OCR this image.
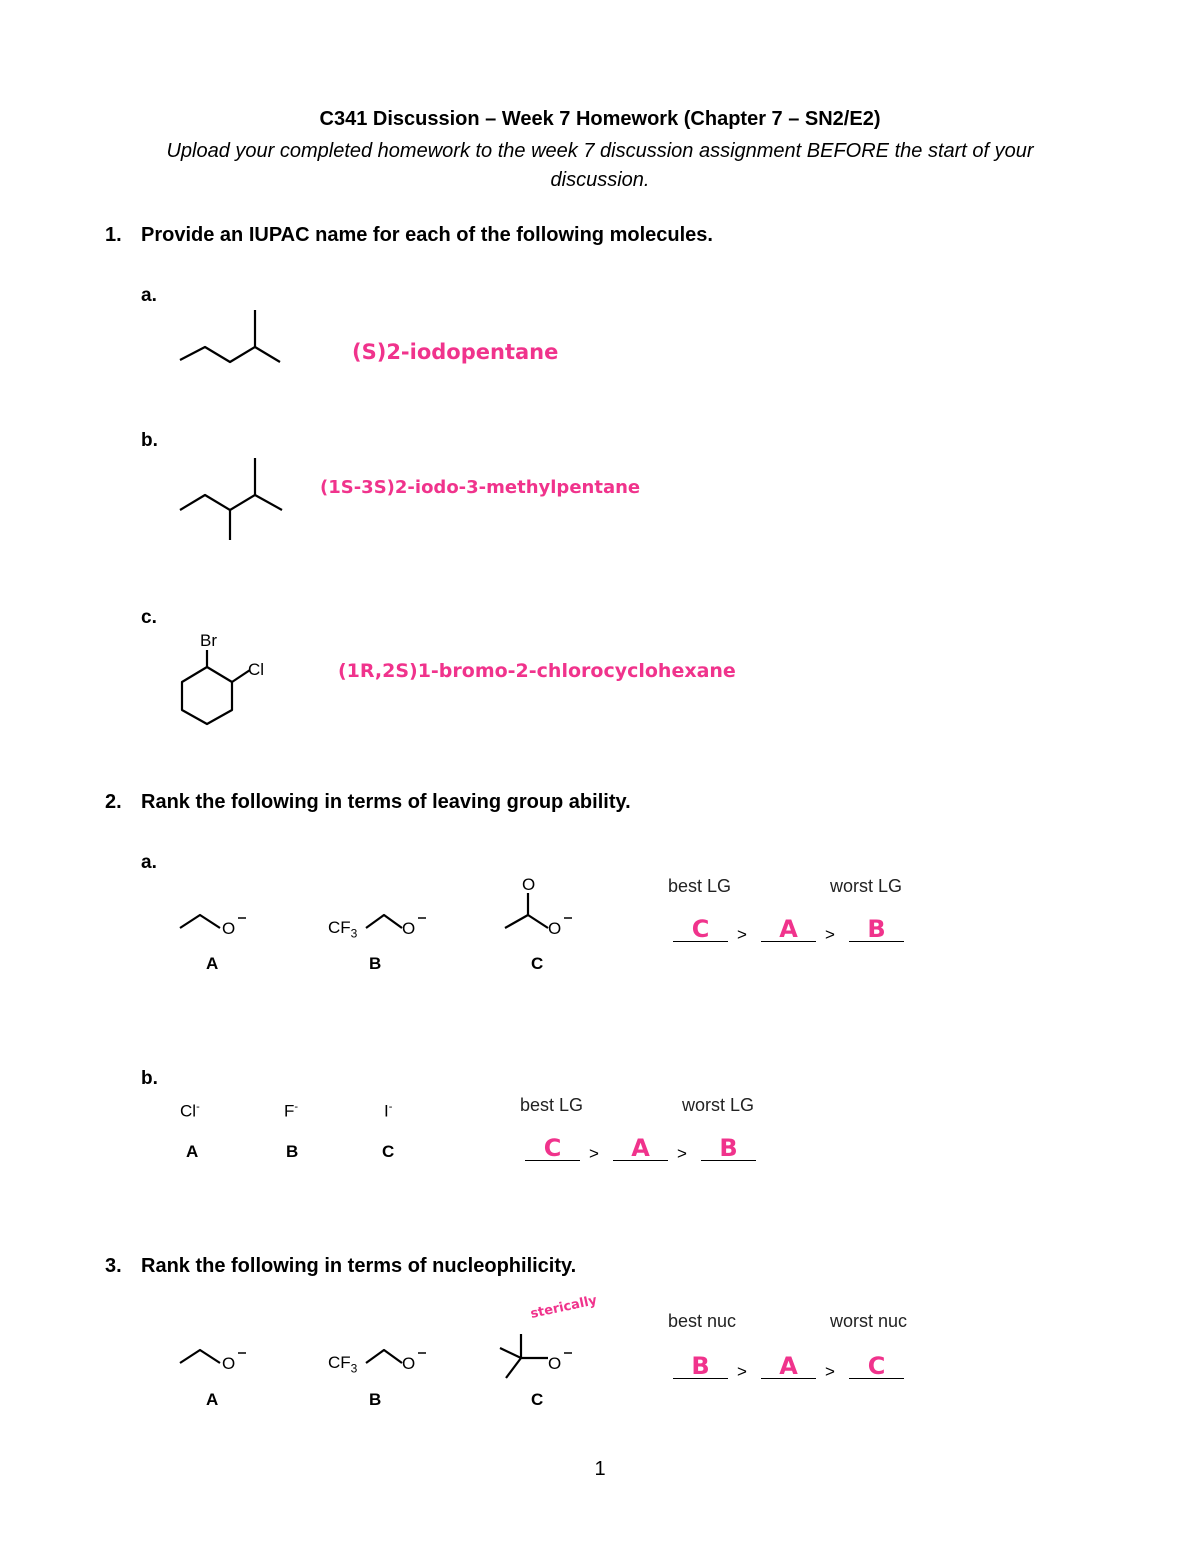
C341 Discussion – Week 7 Homework (Chapter 7 – SN2/E2)
Upload your completed homework to the week 7 discussion assignment BEFORE the start of your discussion.
1. Provide an IUPAC name for each of the following molecules.
a.
b.
c.
(S)2-iodopentane
(1S-3S)2-iodo-3-methylpentane
(1R,2S)1-bromo-2-chlorocyclohexane
Br
Cl
O	O	O
O
O	O	O
2. Rank the following in terms of leaving group ability.
a.
$CF_3$
A	B	C
best LG	worst LG
C	>	A	>	B
b.
Cl-	F-	I-
A	B	C
best LG	worst LG
C	>	A	>	B
3. Rank the following in terms of nucleophilicity.
sterically
$CF_3$
A	B	C
best nuc	worst nuc
B	>	A	>	C
1
